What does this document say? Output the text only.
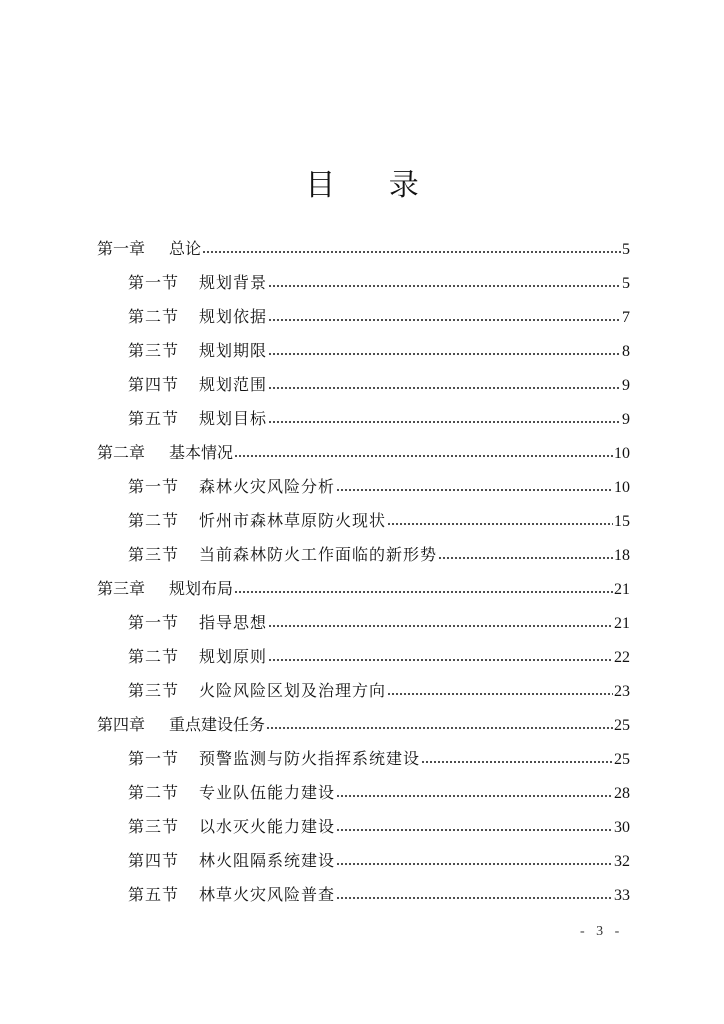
目 录
第一章	总论	5
第一节	规划背景	5
第二节	规划依据	7
第三节	规划期限	8
第四节	规划范围	9
第五节	规划目标	9
第二章	基本情况	10
第一节	森林火灾风险分析	10
第二节	忻州市森林草原防火现状	15
第三节	当前森林防火工作面临的新形势	18
第三章	规划布局	21
第一节	指导思想	21
第二节	规划原则	22
第三节	火险风险区划及治理方向	23
第四章	重点建设任务	25
第一节	预警监测与防火指挥系统建设	25
第二节	专业队伍能力建设	28
第三节	以水灭火能力建设	30
第四节	林火阻隔系统建设	32
第五节	林草火灾风险普查	33
- 3 -
